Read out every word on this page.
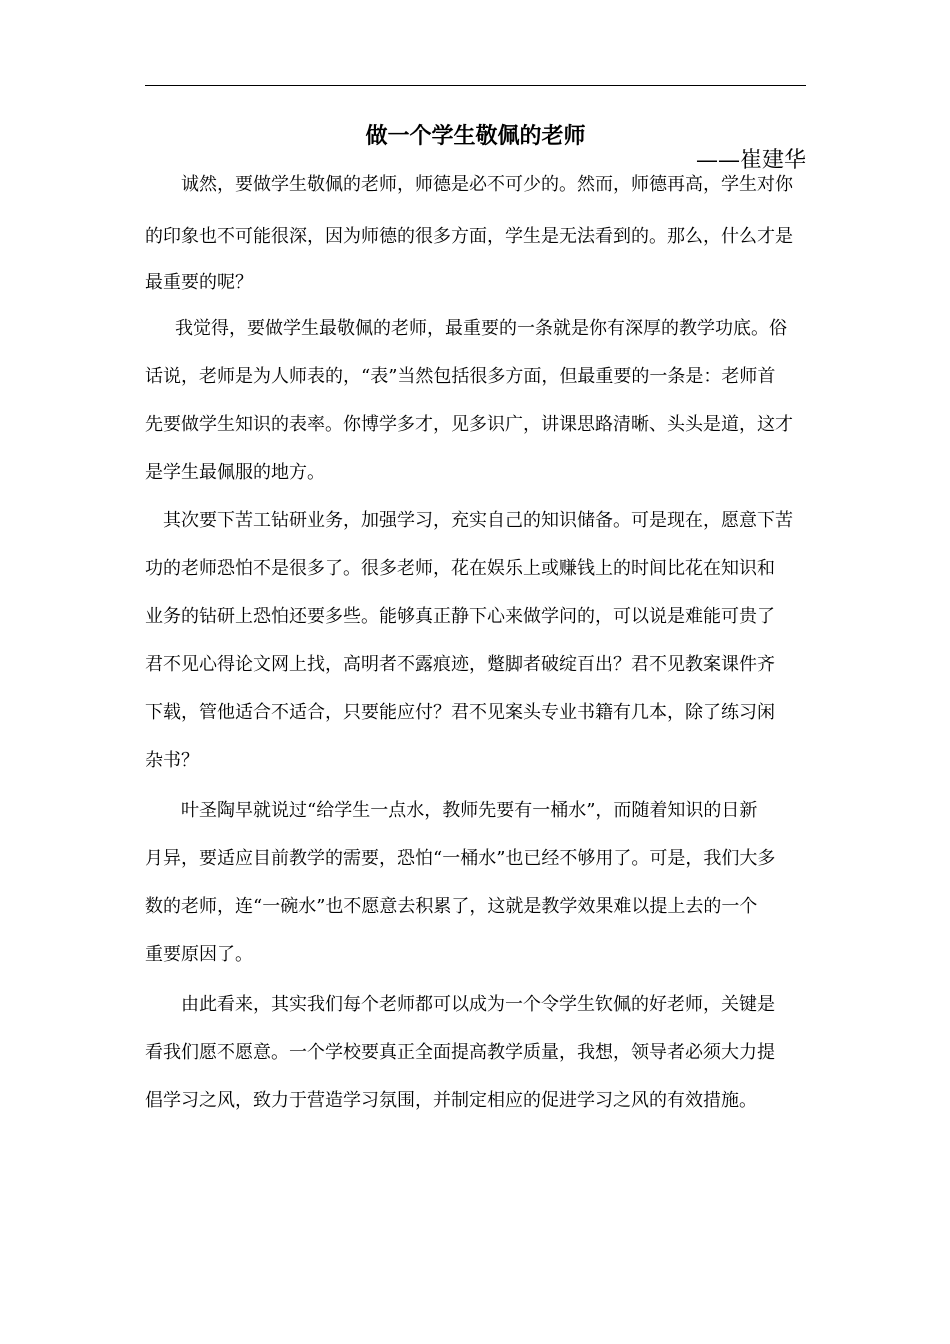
做一个学生敬佩的老师
——崔建华
诚然，要做学生敬佩的老师，师德是必不可少的。然而，师德再高，学生对你
的印象也不可能很深，因为师德的很多方面，学生是无法看到的。那么，什么才是
最重要的呢？
我觉得，要做学生最敬佩的老师，最重要的一条就是你有深厚的教学功底。俗
话说，老师是为人师表的，“表”当然包括很多方面，但最重要的一条是：老师首
先要做学生知识的表率。你博学多才，见多识广，讲课思路清晰、头头是道，这才
是学生最佩服的地方。
其次要下苦工钻研业务，加强学习，充实自己的知识储备。可是现在，愿意下苦
功的老师恐怕不是很多了。很多老师，花在娱乐上或赚钱上的时间比花在知识和
业务的钻研上恐怕还要多些。能够真正静下心来做学问的，可以说是难能可贵了
君不见心得论文网上找，高明者不露痕迹，蹩脚者破绽百出？君不见教案课件齐
下载，管他适合不适合，只要能应付？君不见案头专业书籍有几本，除了练习闲
杂书？
叶圣陶早就说过“给学生一点水，教师先要有一桶水”，而随着知识的日新
月异，要适应目前教学的需要，恐怕“一桶水”也已经不够用了。可是，我们大多
数的老师，连“一碗水”也不愿意去积累了，这就是教学效果难以提上去的一个
重要原因了。
由此看来，其实我们每个老师都可以成为一个令学生钦佩的好老师，关键是
看我们愿不愿意。一个学校要真正全面提高教学质量，我想，领导者必须大力提
倡学习之风，致力于营造学习氛围，并制定相应的促进学习之风的有效措施。
